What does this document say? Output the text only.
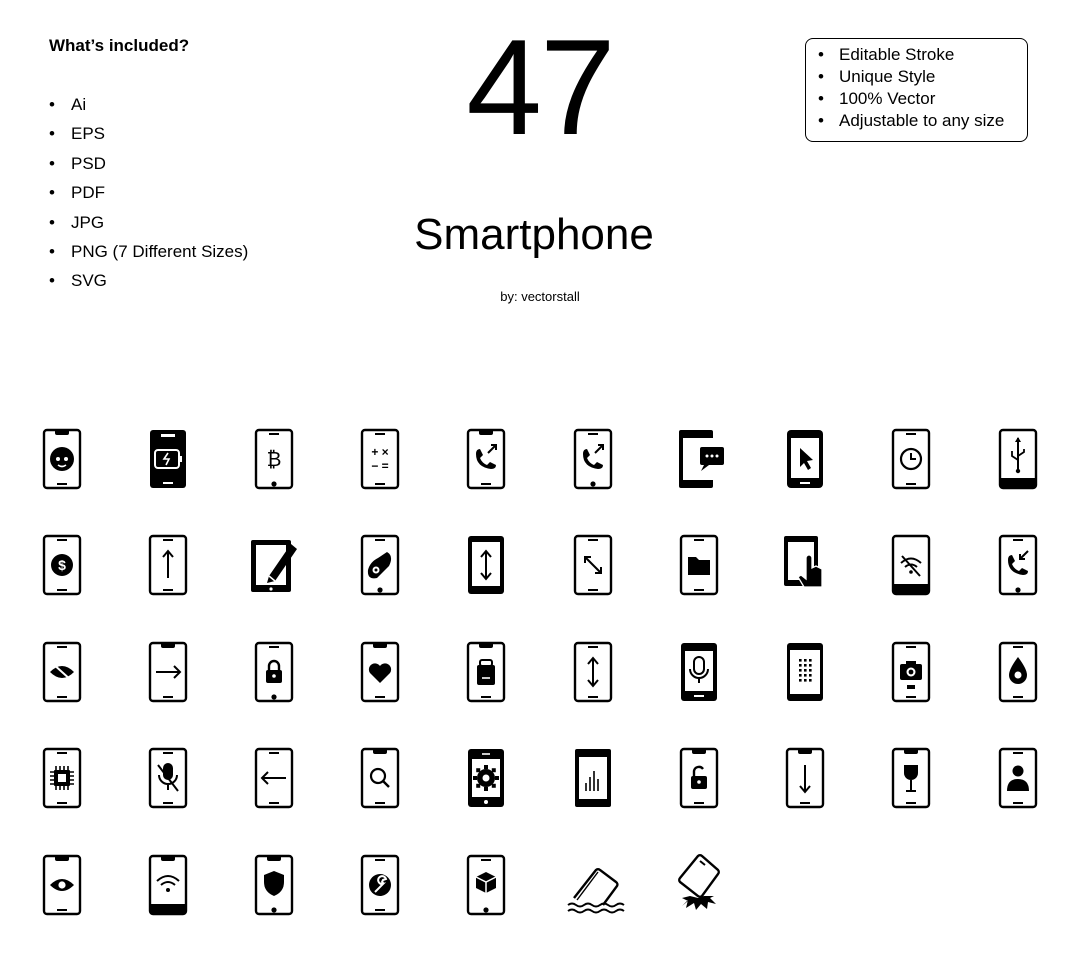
What’s included?
• Ai
• EPS
• PSD
• PDF
• JPG
• PNG (7 Different Sizes)
• SVG
47
Smartphone
by: vectorstall
• Editable Stroke
• Unique Style
• 100% Vector
• Adjustable to any size
₿	+ ×
− =
$
